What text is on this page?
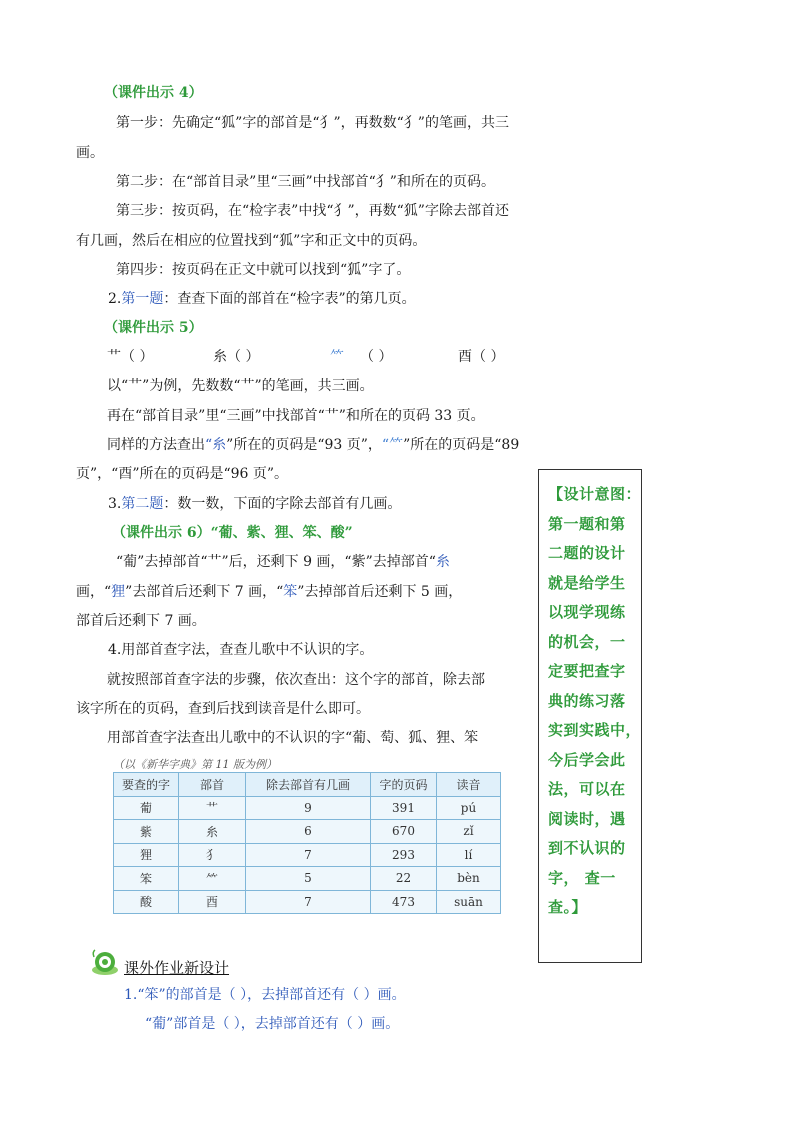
（课件出示 4）
第一步：先确定“狐”字的部首是“犭”，再数数“犭”的笔画，共三
画。
第二步：在“部首目录”里“三画”中找部首“犭”和所在的页码。
第三步：按页码，在“检字表”中找“犭”，再数“狐”字除去部首还
有几画，然后在相应的位置找到“狐”字和正文中的页码。
第四步：按页码在正文中就可以找到“狐”字了。
2.第一题：查查下面的部首在“检字表”的第几页。
（课件出示 5）
艹（ ）	糸（ ）	⺮ （ ）	酉（ ）
以“艹”为例，先数数“艹”的笔画，共三画。
再在“部首目录”里“三画”中找部首“艹”和所在的页码 33 页。
同样的方法查出“糸”所在的页码是“93 页”，“⺮”所在的页码是“89
页”，“酉”所在的页码是“96 页”。
3.第二题：数一数，下面的字除去部首有几画。
（课件出示 6）“葡、紫、狸、笨、酸”
“葡”去掉部首“艹”后，还剩下 9 画，“紫”去掉部首“糸
画，“狸”去部首后还剩下 7 画，“笨”去掉部首后还剩下 5 画，
部首后还剩下 7 画。
4.用部首查字法，查查儿歌中不认识的字。
就按照部首查字法的步骤，依次查出：这个字的部首，除去部
该字所在的页码，查到后找到读音是什么即可。
用部首查字法查出儿歌中的不认识的字“葡、萄、狐、狸、笨
【设计意图：
第一题和第
二题的设计
就是给学生
以现学现练
的机会，一
定要把查字
典的练习落
实到实践中，
今后学会此
法，可以在
阅读时，遇
到不认识的
字， 查一
查。】
（以《新华字典》第 11 版为例）
要查的字	部首	除去部首有几画	字的页码	读音
葡	艹	9	391	pú
紫	糸	6	670	zǐ
狸	犭	7	293	lí
笨	⺮	5	22	bèn
酸	酉	7	473	suān
课外作业新设计
1.“笨”的部首是（ ），去掉部首还有（ ）画。
“葡”部首是（ ），去掉部首还有（ ）画。
